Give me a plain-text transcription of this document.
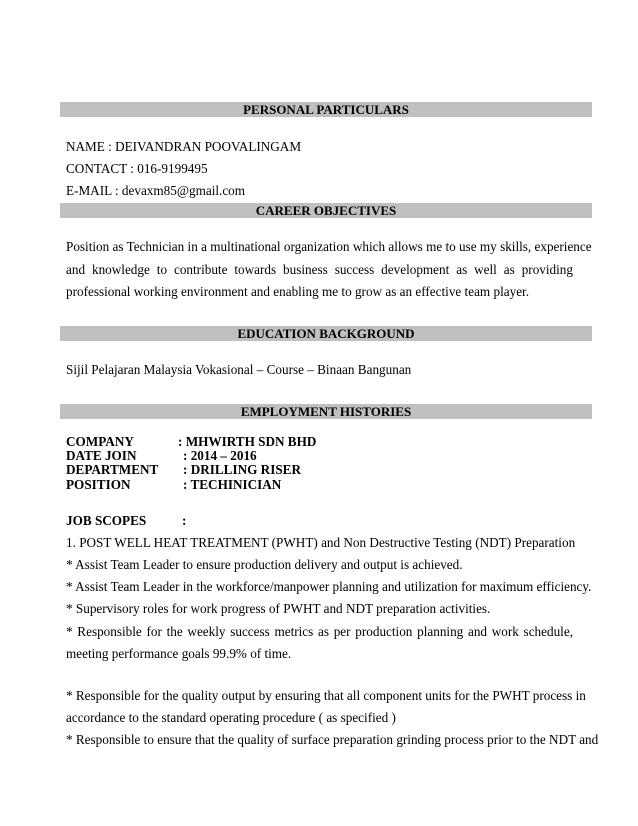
PERSONAL PARTICULARS
NAME : DEIVANDRAN POOVALINGAM
CONTACT : 016-9199495
E-MAIL : devaxm85@gmail.com
CAREER OBJECTIVES
Position as Technician in a multinational organization which allows me to use my skills, experience
and knowledge to contribute towards business success development as well as providing
professional working environment and enabling me to grow as an effective team player.
EDUCATION BACKGROUND
Sijil Pelajaran Malaysia Vokasional – Course – Binaan Bangunan
EMPLOYMENT HISTORIES
COMPANY	: MHWIRTH SDN BHD
DATE JOIN	: 2014 – 2016
DEPARTMENT : DRILLING RISER
POSITION	: TECHINICIAN
JOB SCOPES	:
1. POST WELL HEAT TREATMENT (PWHT) and Non Destructive Testing (NDT) Preparation
* Assist Team Leader to ensure production delivery and output is achieved.
* Assist Team Leader in the workforce/manpower planning and utilization for maximum efficiency.
* Supervisory roles for work progress of PWHT and NDT preparation activities.
* Responsible for the weekly success metrics as per production planning and work schedule,
meeting performance goals 99.9% of time.
* Responsible for the quality output by ensuring that all component units for the PWHT process in
accordance to the standard operating procedure ( as specified )
* Responsible to ensure that the quality of surface preparation grinding process prior to the NDT and
